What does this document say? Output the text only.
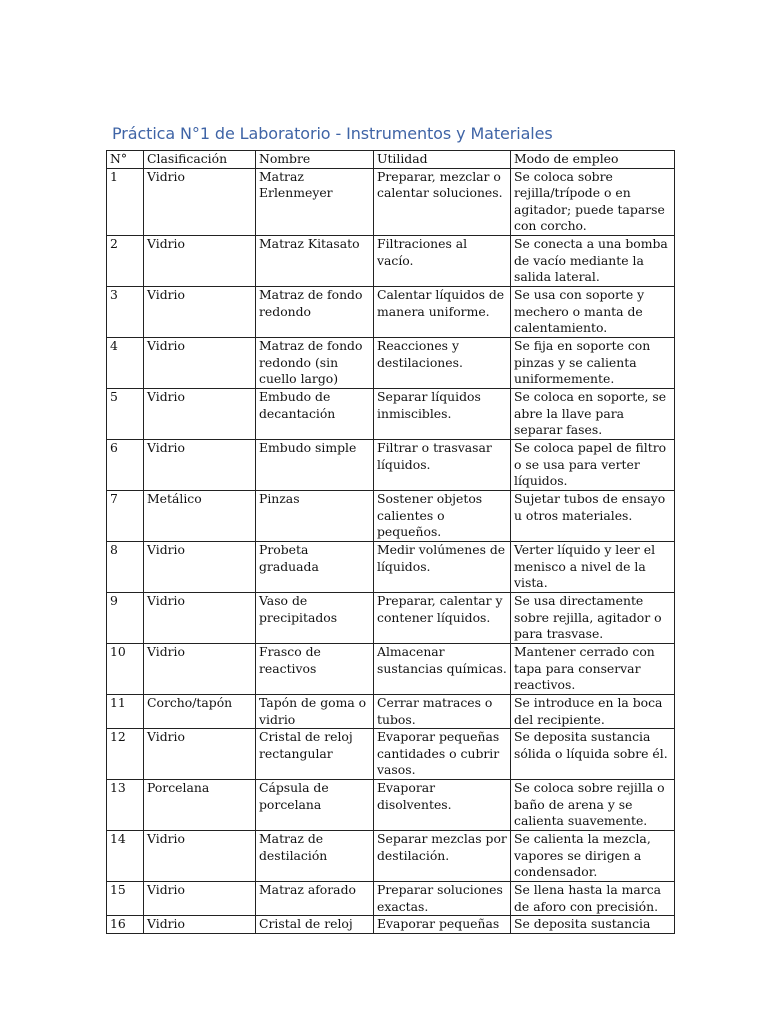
Práctica N°1 de Laboratorio - Instrumentos y Materiales
N°	Clasificación	Nombre	Utilidad	Modo de empleo
1	Vidrio	Matraz Erlenmeyer	Preparar, mezclar o calentar soluciones.	Se coloca sobre rejilla/trípode o en agitador; puede taparse con corcho.
2	Vidrio	Matraz Kitasato	Filtraciones al vacío.	Se conecta a una bomba de vacío mediante la salida lateral.
3	Vidrio	Matraz de fondo redondo	Calentar líquidos de manera uniforme.	Se usa con soporte y mechero o manta de calentamiento.
4	Vidrio	Matraz de fondo redondo (sin cuello largo)	Reacciones y destilaciones.	Se fija en soporte con pinzas y se calienta uniformemente.
5	Vidrio	Embudo de decantación	Separar líquidos inmiscibles.	Se coloca en soporte, se abre la llave para separar fases.
6	Vidrio	Embudo simple	Filtrar o trasvasar líquidos.	Se coloca papel de filtro o se usa para verter líquidos.
7	Metálico	Pinzas	Sostener objetos calientes o pequeños.	Sujetar tubos de ensayo u otros materiales.
8	Vidrio	Probeta graduada	Medir volúmenes de líquidos.	Verter líquido y leer el menisco a nivel de la vista.
9	Vidrio	Vaso de precipitados	Preparar, calentar y contener líquidos.	Se usa directamente sobre rejilla, agitador o para trasvase.
10	Vidrio	Frasco de reactivos	Almacenar sustancias químicas.	Mantener cerrado con tapa para conservar reactivos.
11	Corcho/tapón	Tapón de goma o vidrio	Cerrar matraces o tubos.	Se introduce en la boca del recipiente.
12	Vidrio	Cristal de reloj rectangular	Evaporar pequeñas cantidades o cubrir vasos.	Se deposita sustancia sólida o líquida sobre él.
13	Porcelana	Cápsula de porcelana	Evaporar disolventes.	Se coloca sobre rejilla o baño de arena y se calienta suavemente.
14	Vidrio	Matraz de destilación	Separar mezclas por destilación.	Se calienta la mezcla, vapores se dirigen a condensador.
15	Vidrio	Matraz aforado	Preparar soluciones exactas.	Se llena hasta la marca de aforo con precisión.
16	Vidrio	Cristal de reloj	Evaporar pequeñas	Se deposita sustancia
